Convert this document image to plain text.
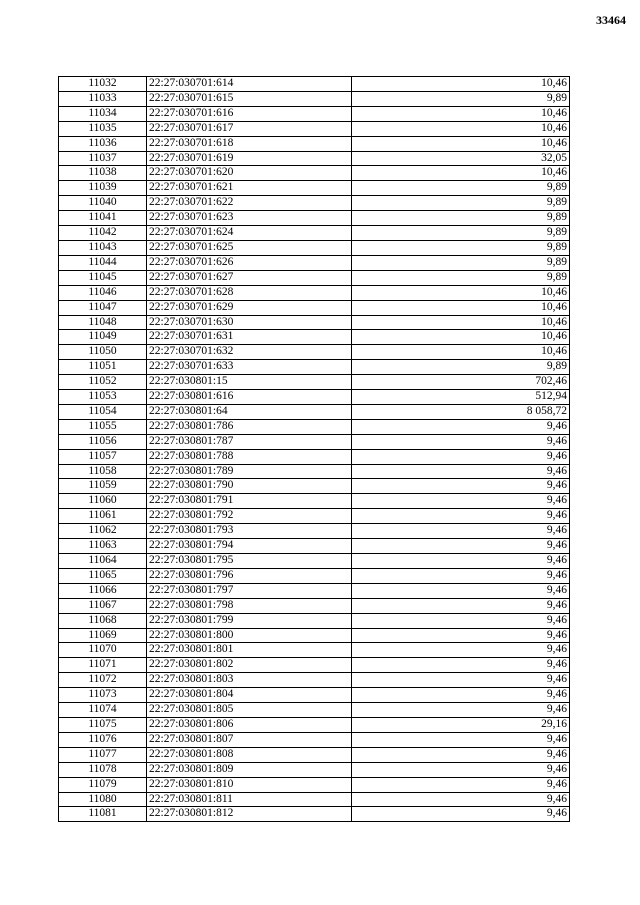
33464
11032	22:27:030701:614	10,46
11033	22:27:030701:615	9,89
11034	22:27:030701:616	10,46
11035	22:27:030701:617	10,46
11036	22:27:030701:618	10,46
11037	22:27:030701:619	32,05
11038	22:27:030701:620	10,46
11039	22:27:030701:621	9,89
11040	22:27:030701:622	9,89
11041	22:27:030701:623	9,89
11042	22:27:030701:624	9,89
11043	22:27:030701:625	9,89
11044	22:27:030701:626	9,89
11045	22:27:030701:627	9,89
11046	22:27:030701:628	10,46
11047	22:27:030701:629	10,46
11048	22:27:030701:630	10,46
11049	22:27:030701:631	10,46
11050	22:27:030701:632	10,46
11051	22:27:030701:633	9,89
11052	22:27:030801:15	702,46
11053	22:27:030801:616	512,94
11054	22:27:030801:64	8 058,72
11055	22:27:030801:786	9,46
11056	22:27:030801:787	9,46
11057	22:27:030801:788	9,46
11058	22:27:030801:789	9,46
11059	22:27:030801:790	9,46
11060	22:27:030801:791	9,46
11061	22:27:030801:792	9,46
11062	22:27:030801:793	9,46
11063	22:27:030801:794	9,46
11064	22:27:030801:795	9,46
11065	22:27:030801:796	9,46
11066	22:27:030801:797	9,46
11067	22:27:030801:798	9,46
11068	22:27:030801:799	9,46
11069	22:27:030801:800	9,46
11070	22:27:030801:801	9,46
11071	22:27:030801:802	9,46
11072	22:27:030801:803	9,46
11073	22:27:030801:804	9,46
11074	22:27:030801:805	9,46
11075	22:27:030801:806	29,16
11076	22:27:030801:807	9,46
11077	22:27:030801:808	9,46
11078	22:27:030801:809	9,46
11079	22:27:030801:810	9,46
11080	22:27:030801:811	9,46
11081	22:27:030801:812	9,46
